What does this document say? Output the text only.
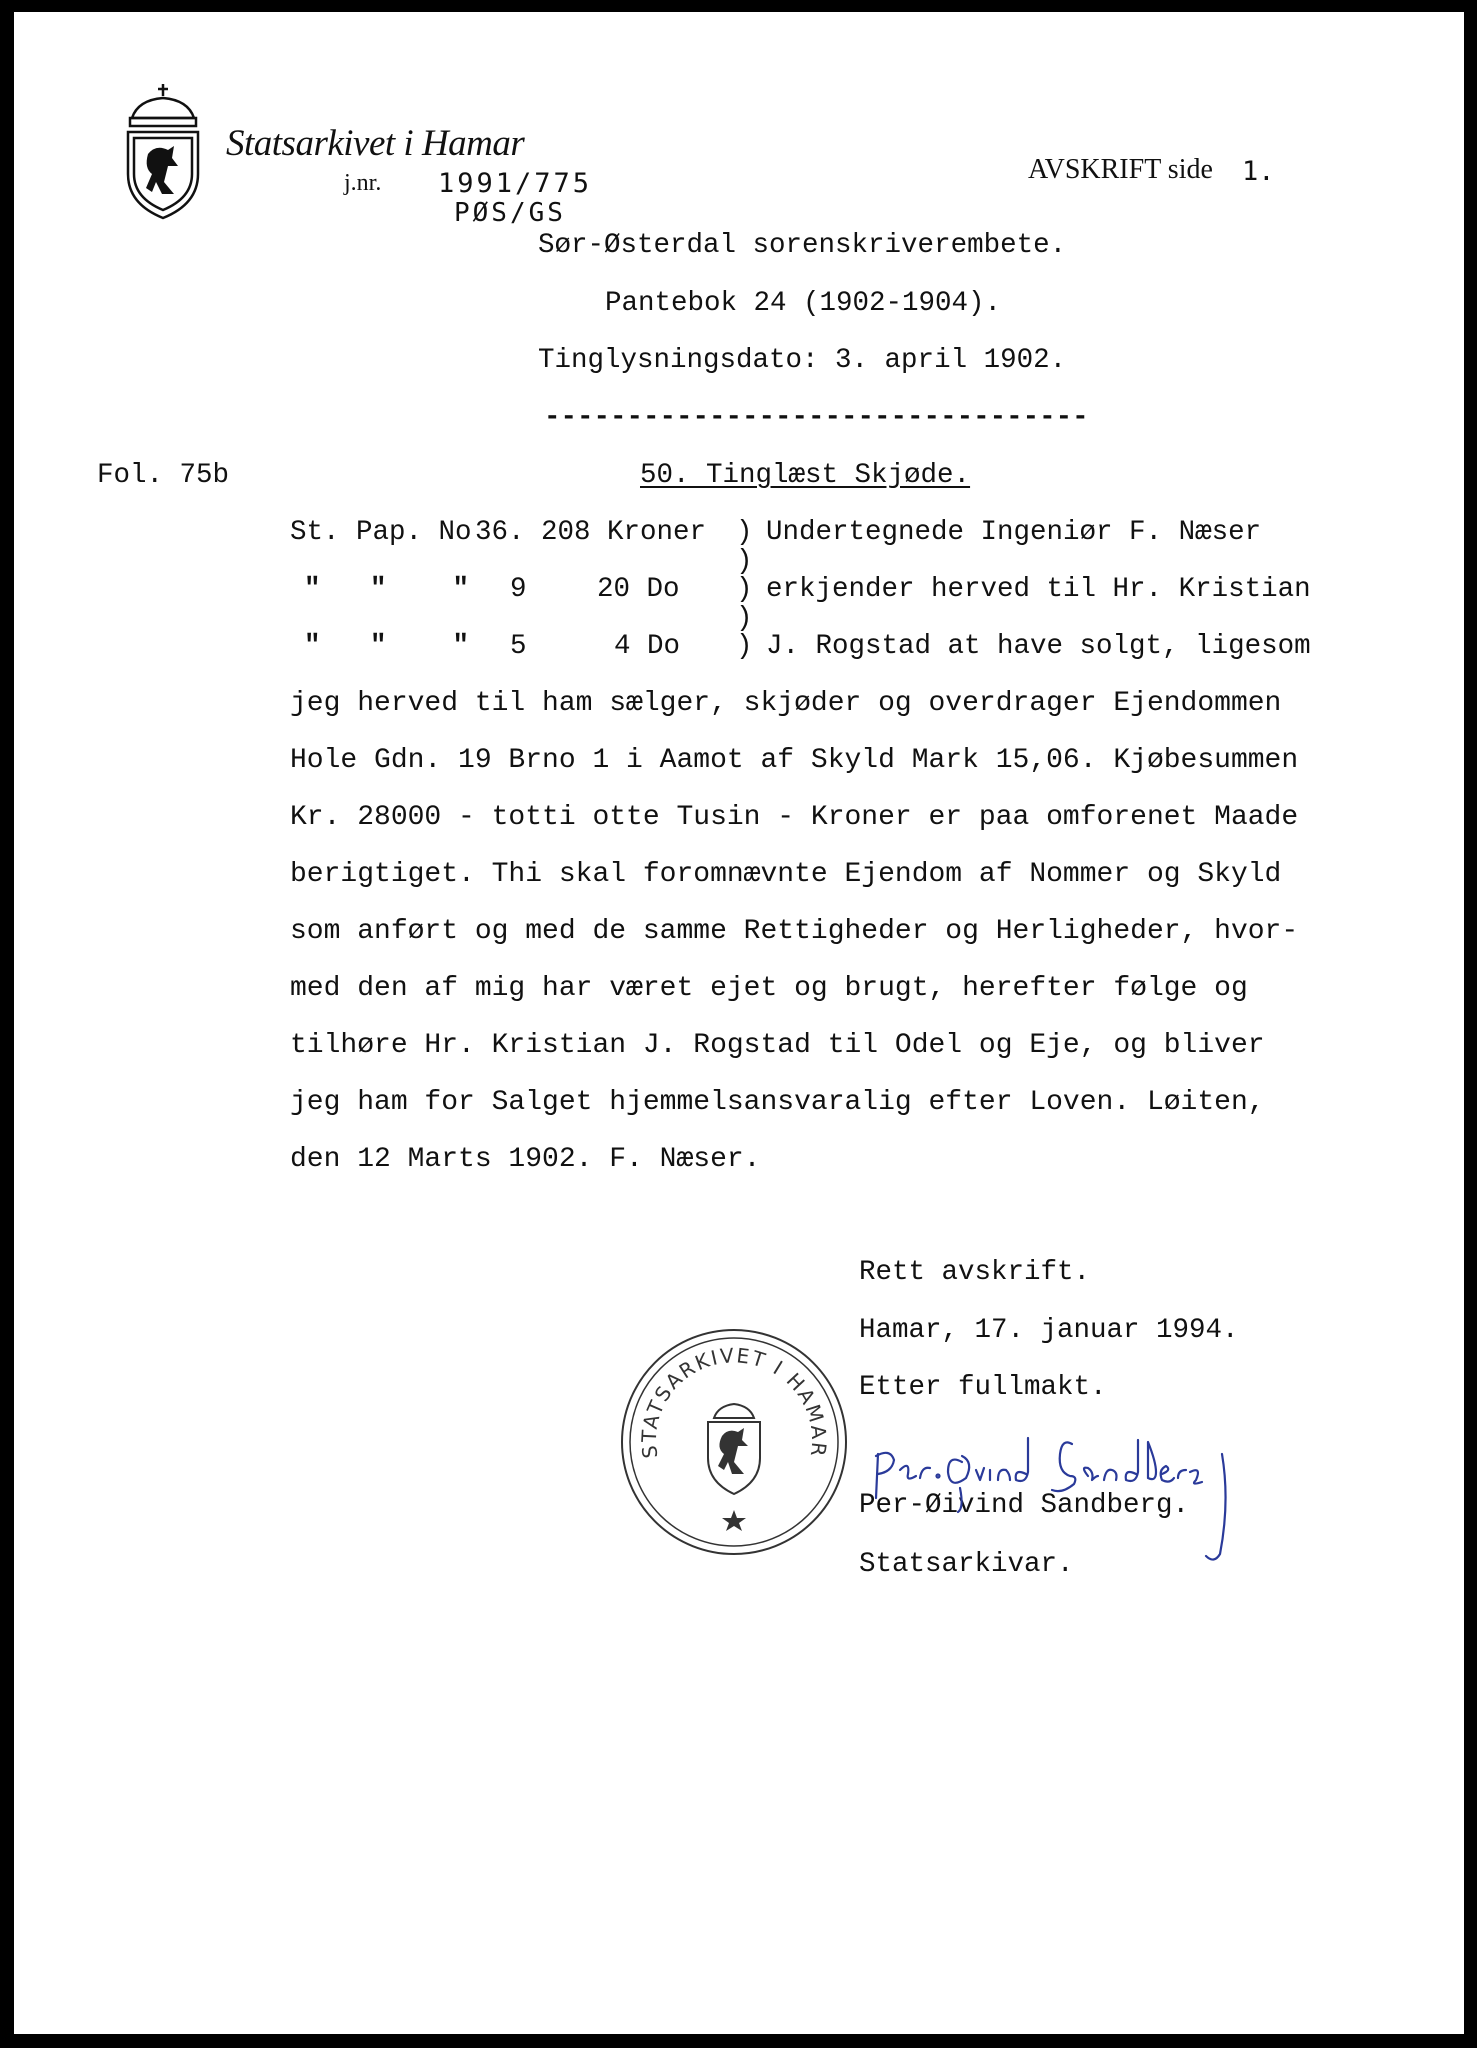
Statsarkivet i Hamar
j.nr. 1991/775
PØS/GS
AVSKRIFT side 1.
Sør-Østerdal sorenskriverembete.
Pantebok 24 (1902-1904).
Tinglysningsdato: 3. april 1902.
---------------------------------
Fol. 75b	50. Tinglæst Skjøde.
St. Pap. No 36. 208 Kroner ) Undertegnede Ingeniør F. Næser
)
"   "    " 9	20 Do ) erkjender herved til Hr. Kristian
)
"   "    " 5	4 Do ) J. Rogstad at have solgt, ligesom
jeg herved til ham sælger, skjøder og overdrager Ejendommen
Hole Gdn. 19 Brno 1 i Aamot af Skyld Mark 15,06. Kjøbesummen
Kr. 28000 - totti otte Tusin - Kroner er paa omforenet Maade
berigtiget. Thi skal foromnævnte Ejendom af Nommer og Skyld
som anført og med de samme Rettigheder og Herligheder, hvor-
med den af mig har været ejet og brugt, herefter følge og
tilhøre Hr. Kristian J. Rogstad til Odel og Eje, og bliver
jeg ham for Salget hjemmelsansvaralig efter Loven. Løiten,
den 12 Marts 1902. F. Næser.
Rett avskrift.
Hamar, 17. januar 1994.
Etter fullmakt.
Per-Øivind Sandberg.
Statsarkivar.
STATSARKIVET I HAMAR
